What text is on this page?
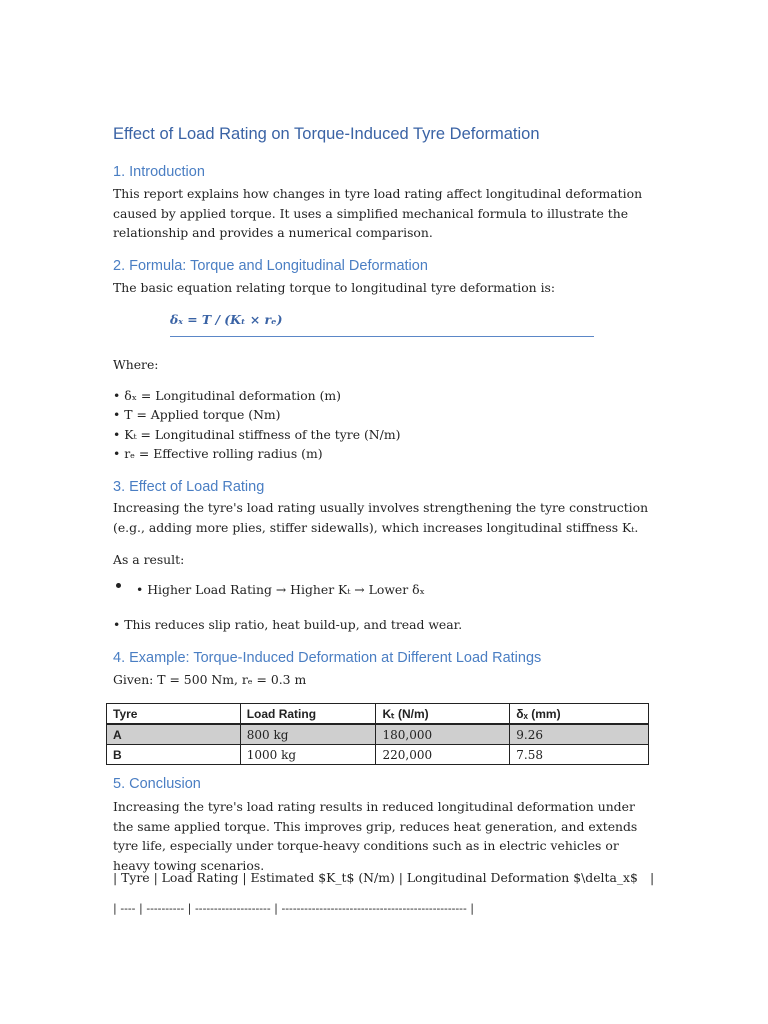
Effect of Load Rating on Torque-Induced Tyre Deformation
1. Introduction

This report explains how changes in tyre load rating affect longitudinal deformation caused by applied torque. It uses a simplified mechanical formula to illustrate the relationship and provides a numerical comparison.

2. Formula: Torque and Longitudinal Deformation

The basic equation relating torque to longitudinal tyre deformation is:

δₓ = T / (Kₜ × rₑ)

Where:

• δₓ = Longitudinal deformation (m)
• T = Applied torque (Nm)
• Kₜ = Longitudinal stiffness of the tyre (N/m)
• rₑ = Effective rolling radius (m)
3. Effect of Load Rating

Increasing the tyre's load rating usually involves strengthening the tyre construction (e.g., adding more plies, stiffer sidewalls), which increases longitudinal stiffness Kₜ.

As a result:

• Higher Load Rating → Higher Kₜ → Lower δₓ

• This reduces slip ratio, heat build-up, and tread wear.

4. Example: Torque-Induced Deformation at Different Load Ratings

Given: T = 500 Nm, rₑ = 0.3 m

Tyre	Load Rating	Kₜ (N/m)	δₓ (mm)
A	800 kg	180,000	9.26
B	1000 kg	220,000	7.58
5. Conclusion

Increasing the tyre's load rating results in reduced longitudinal deformation under the same applied torque. This improves grip, reduces heat generation, and extends tyre life, especially under torque-heavy conditions such as in electric vehicles or heavy towing scenarios.

| Tyre | Load Rating | Estimated $K_t$ (N/m) | Longitudinal Deformation $\delta_x$ |
| ---- | ---------- | -------------------- | ------------------------------------------------- |
